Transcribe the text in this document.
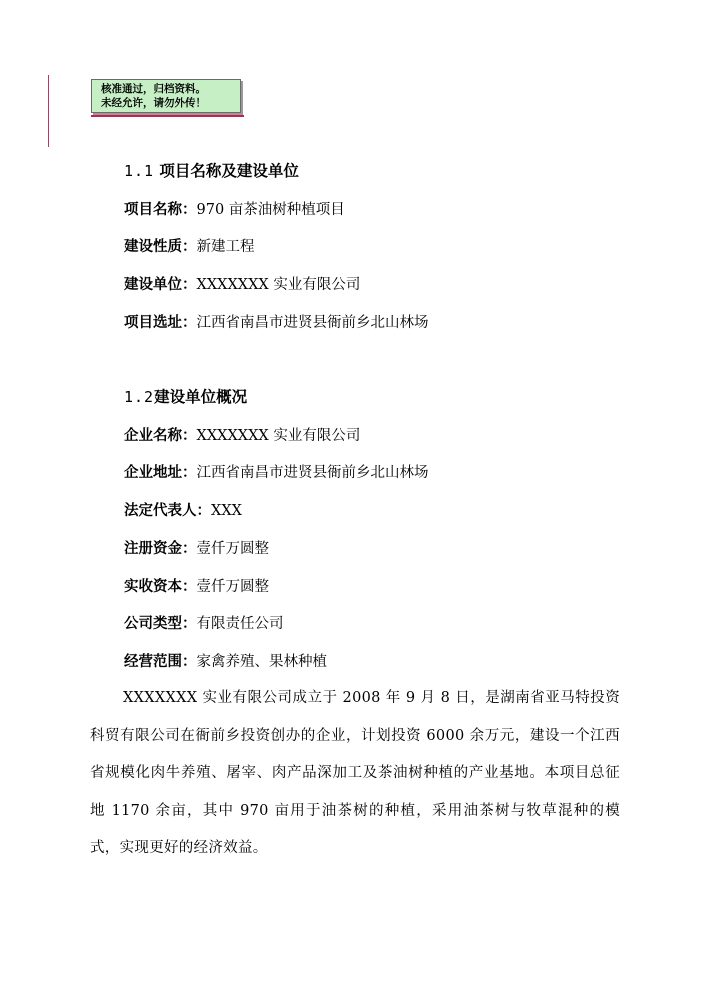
核准通过，归档资料。
未经允许，请勿外传！
1.1 项目名称及建设单位
项目名称：970 亩茶油树种植项目
建设性质：新建工程
建设单位：XXXXXXX 实业有限公司
项目选址：江西省南昌市进贤县衙前乡北山林场
1.2建设单位概况
企业名称：XXXXXXX 实业有限公司
企业地址：江西省南昌市进贤县衙前乡北山林场
法定代表人：XXX
注册资金：壹仟万圆整
实收资本：壹仟万圆整
公司类型：有限责任公司
经营范围：家禽养殖、果林种植
XXXXXXX 实业有限公司成立于 2008 年 9 月 8 日，是湖南省亚马特投资科贸有限公司在衙前乡投资创办的企业，计划投资 6000 余万元，建设一个江西省规模化肉牛养殖、屠宰、肉产品深加工及茶油树种植的产业基地。本项目总征地 1170 余亩，其中 970 亩用于油茶树的种植，采用油茶树与牧草混种的模式，实现更好的经济效益。
